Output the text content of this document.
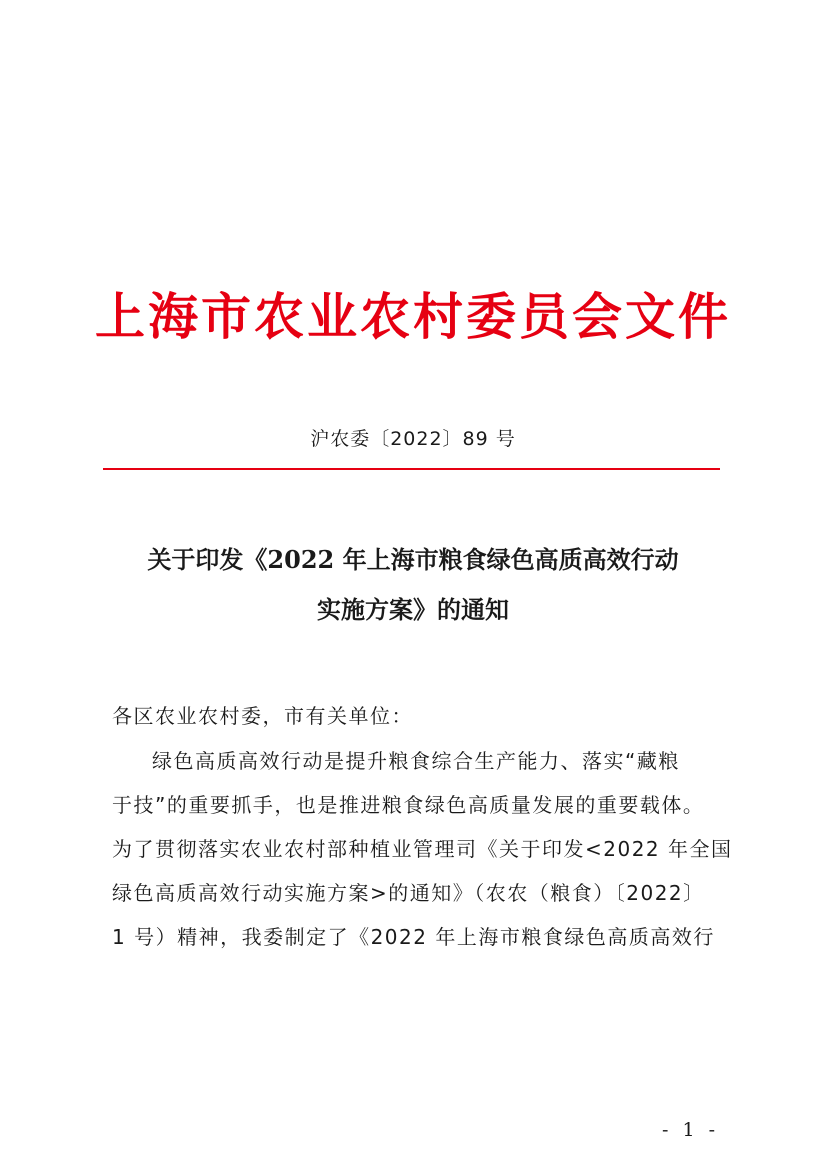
上海市农业农村委员会文件
沪农委〔2022〕89 号
关于印发《2022 年上海市粮食绿色高质高效行动
实施方案》的通知
各区农业农村委，市有关单位：
绿色高质高效行动是提升粮食综合生产能力、落实“藏粮
于技”的重要抓手，也是推进粮食绿色高质量发展的重要载体。
为了贯彻落实农业农村部种植业管理司《关于印发<2022 年全国
绿色高质高效行动实施方案>的通知》（农农（粮食）〔2022〕
1 号）精神，我委制定了《2022 年上海市粮食绿色高质高效行
- 1 -
